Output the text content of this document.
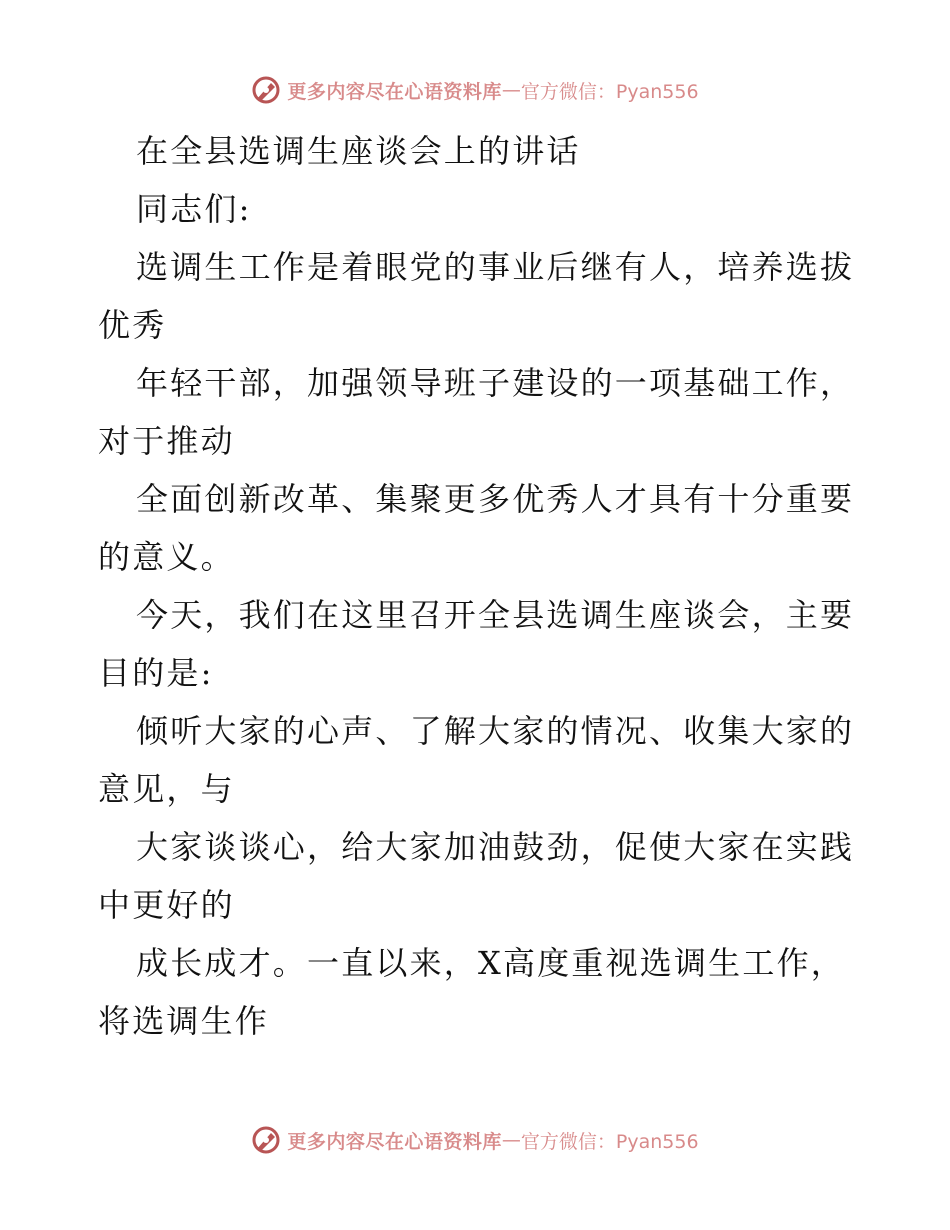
更多内容尽在心语资料库 — 官方微信：Pyan556
在全县选调生座谈会上的讲话
同志们:
选调生工作是着眼党的事业后继有人，培养选拔
优秀
年轻干部，加强领导班子建设的一项基础工作，
对于推动
全面创新改革、集聚更多优秀人才具有十分重要
的意义。
今天，我们在这里召开全县选调生座谈会，主要
目的是:
倾听大家的心声、了解大家的情况、收集大家的
意见，与
大家谈谈心，给大家加油鼓劲，促使大家在实践
中更好的
成长成才。一直以来，X高度重视选调生工作，
将选调生作
更多内容尽在心语资料库 — 官方微信：Pyan556
